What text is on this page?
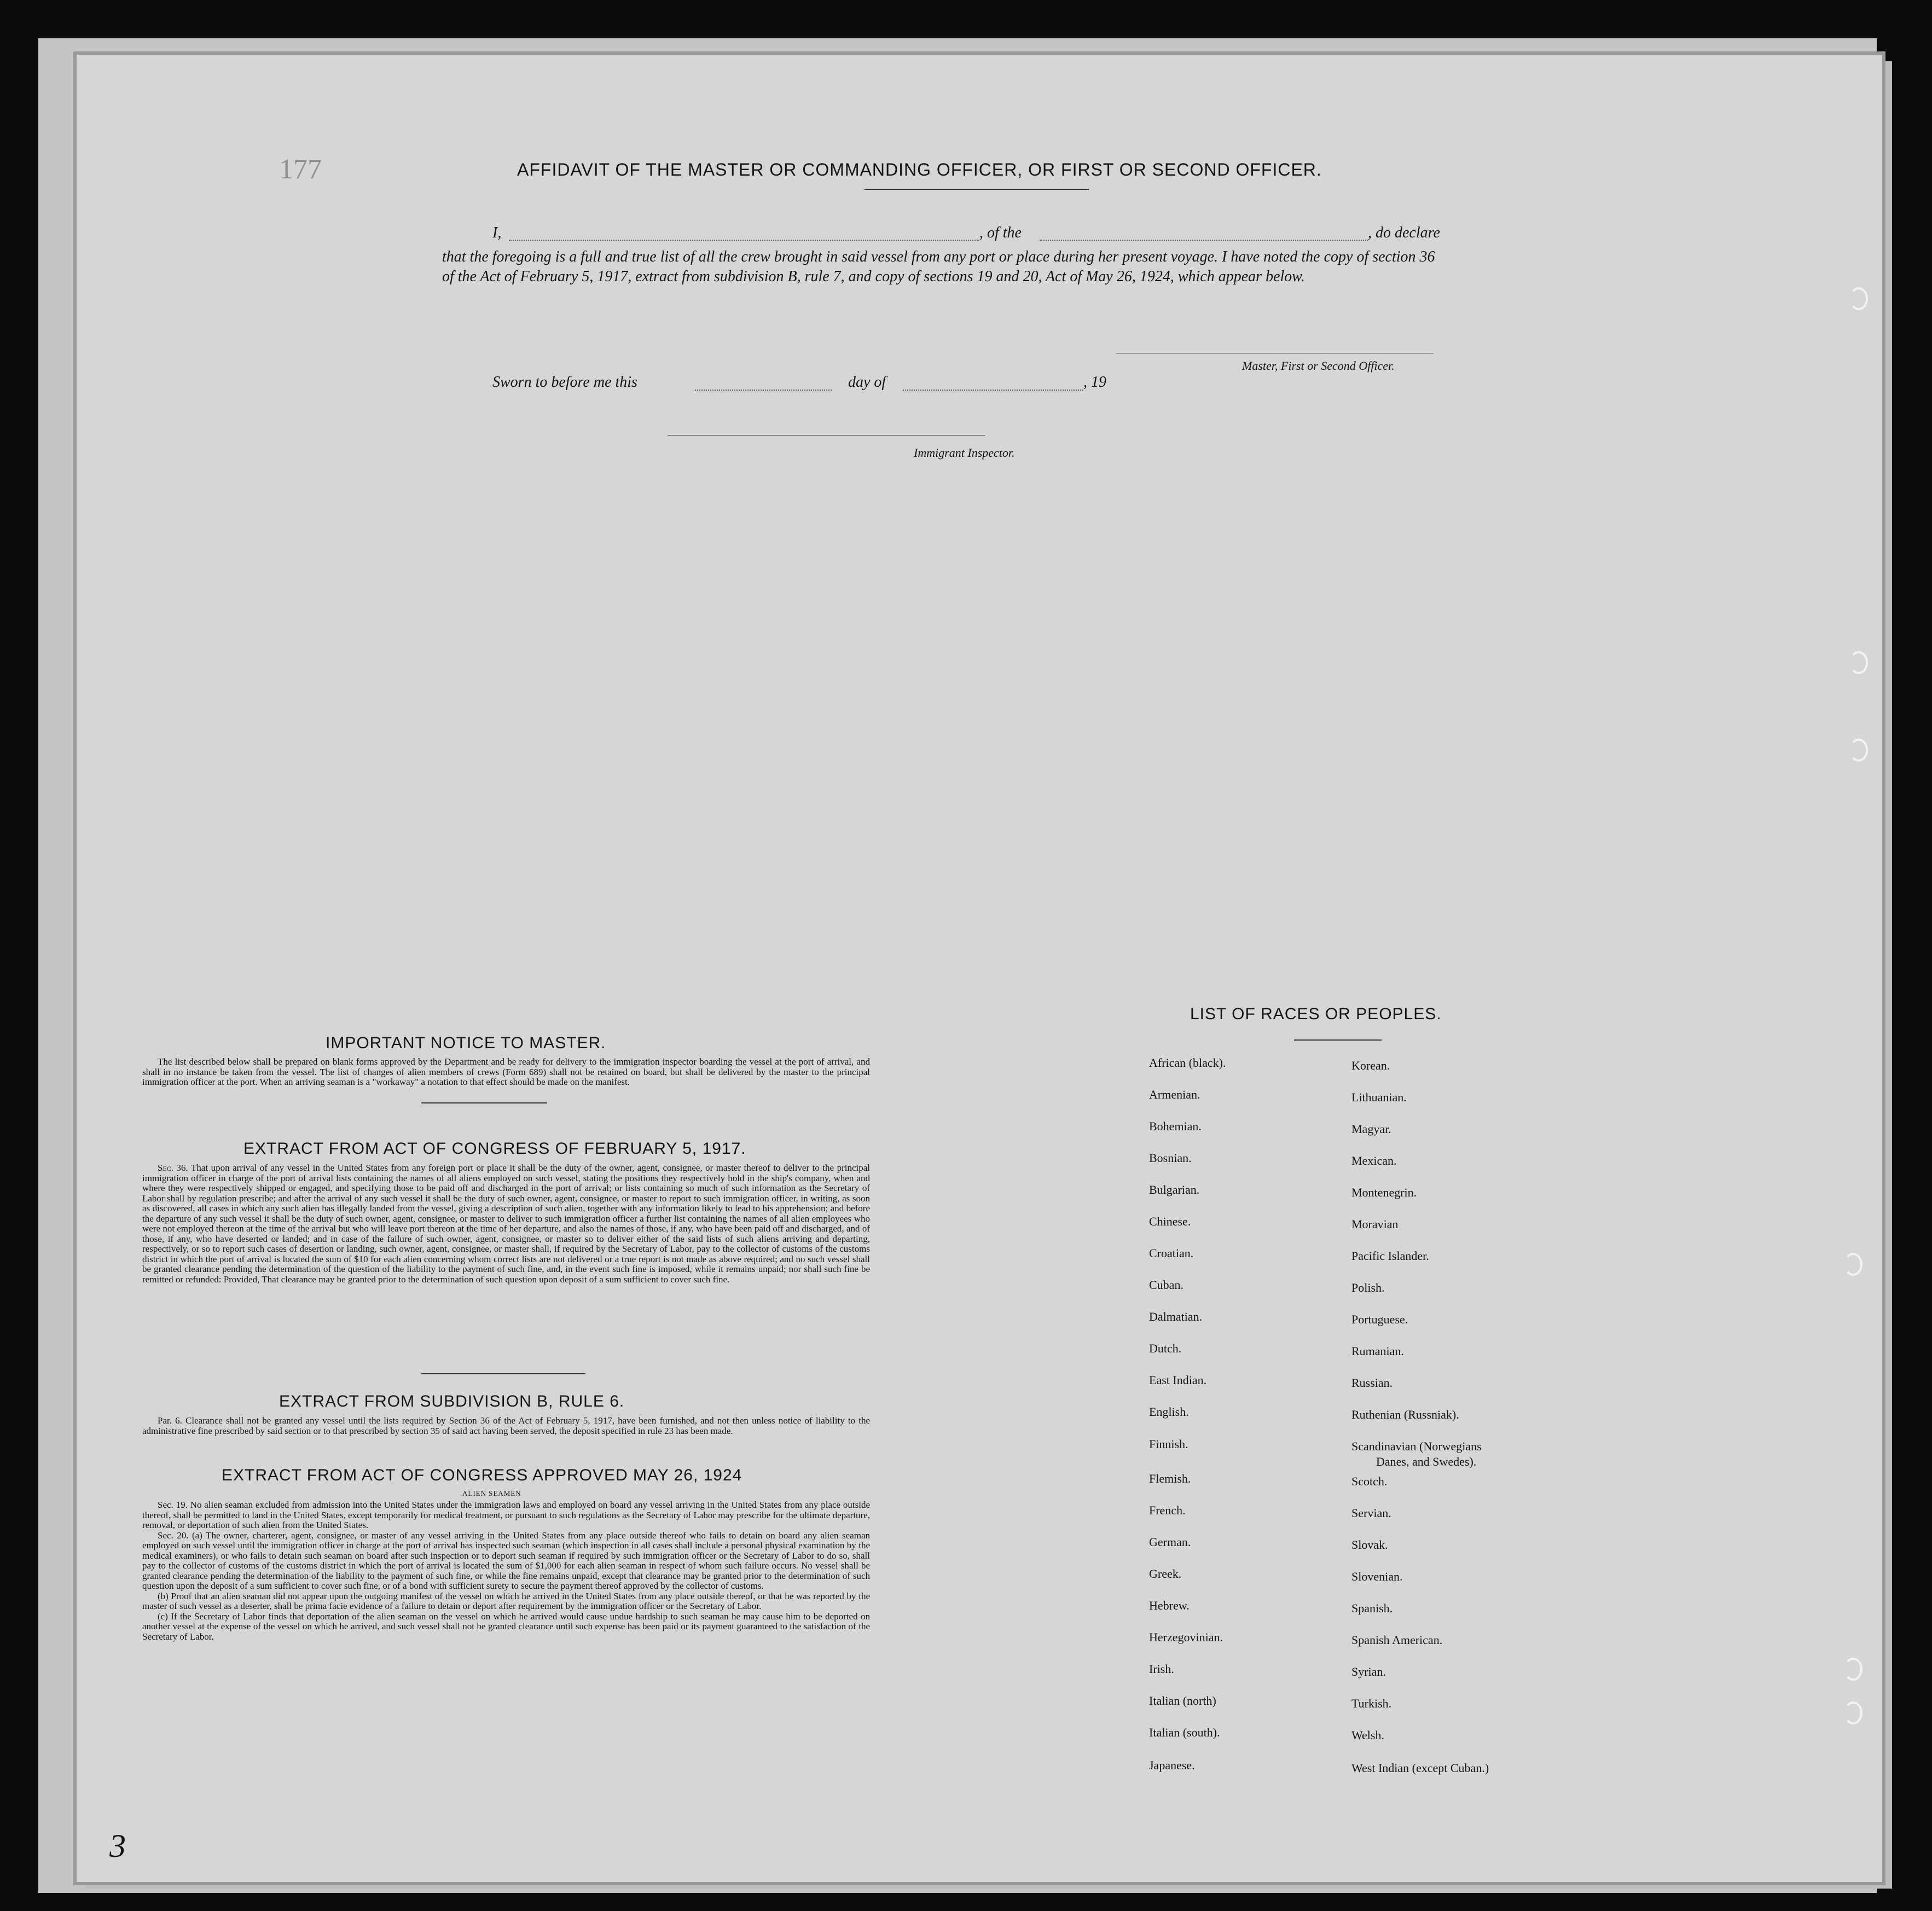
177
3
AFFIDAVIT OF THE MASTER OR COMMANDING OFFICER, OR FIRST OR SECOND OFFICER.
I,	, of the	, do declare
that the foregoing is a full and true list of all the crew brought in said vessel from any port or place during her present voyage. I have noted the copy of section 36 of the Act of February 5, 1917, extract from subdivision B, rule 7, and copy of sections 19 and 20, Act of May 26, 1924, which appear below.
Master, First or Second Officer.
Sworn to before me this	day of	, 19
Immigrant Inspector.
IMPORTANT NOTICE TO MASTER.
The list described below shall be prepared on blank forms approved by the Department and be ready for delivery to the immigration inspector boarding the vessel at the port of arrival, and shall in no instance be taken from the vessel. The list of changes of alien members of crews (Form 689) shall not be retained on board, but shall be delivered by the master to the principal immigration officer at the port. When an arriving seaman is a "workaway" a notation to that effect should be made on the manifest.
EXTRACT FROM ACT OF CONGRESS OF FEBRUARY 5, 1917.
Sec. 36. That upon arrival of any vessel in the United States from any foreign port or place it shall be the duty of the owner, agent, consignee, or master thereof to deliver to the principal immigration officer in charge of the port of arrival lists containing the names of all aliens employed on such vessel, stating the positions they respectively hold in the ship's company, when and where they were respectively shipped or engaged, and specifying those to be paid off and discharged in the port of arrival; or lists containing so much of such information as the Secretary of Labor shall by regulation prescribe; and after the arrival of any such vessel it shall be the duty of such owner, agent, consignee, or master to report to such immigration officer, in writing, as soon as discovered, all cases in which any such alien has illegally landed from the vessel, giving a description of such alien, together with any information likely to lead to his apprehension; and before the departure of any such vessel it shall be the duty of such owner, agent, consignee, or master to deliver to such immigration officer a further list containing the names of all alien employees who were not employed thereon at the time of the arrival but who will leave port thereon at the time of her departure, and also the names of those, if any, who have been paid off and discharged, and of those, if any, who have deserted or landed; and in case of the failure of such owner, agent, consignee, or master so to deliver either of the said lists of such aliens arriving and departing, respectively, or so to report such cases of desertion or landing, such owner, agent, consignee, or master shall, if required by the Secretary of Labor, pay to the collector of customs of the customs district in which the port of arrival is located the sum of $10 for each alien concerning whom correct lists are not delivered or a true report is not made as above required; and no such vessel shall be granted clearance pending the determination of the question of the liability to the payment of such fine, and, in the event such fine is imposed, while it remains unpaid; nor shall such fine be remitted or refunded: Provided, That clearance may be granted prior to the determination of such question upon deposit of a sum sufficient to cover such fine.
EXTRACT FROM SUBDIVISION B, RULE 6.
Par. 6. Clearance shall not be granted any vessel until the lists required by Section 36 of the Act of February 5, 1917, have been furnished, and not then unless notice of liability to the administrative fine prescribed by said section or to that prescribed by section 35 of said act having been served, the deposit specified in rule 23 has been made.
EXTRACT FROM ACT OF CONGRESS APPROVED MAY 26, 1924
ALIEN SEAMEN
Sec. 19. No alien seaman excluded from admission into the United States under the immigration laws and employed on board any vessel arriving in the United States from any place outside thereof, shall be permitted to land in the United States, except temporarily for medical treatment, or pursuant to such regulations as the Secretary of Labor may prescribe for the ultimate departure, removal, or deportation of such alien from the United States.
Sec. 20. (a) The owner, charterer, agent, consignee, or master of any vessel arriving in the United States from any place outside thereof who fails to detain on board any alien seaman employed on such vessel until the immigration officer in charge at the port of arrival has inspected such seaman (which inspection in all cases shall include a personal physical examination by the medical examiners), or who fails to detain such seaman on board after such inspection or to deport such seaman if required by such immigration officer or the Secretary of Labor to do so, shall pay to the collector of customs of the customs district in which the port of arrival is located the sum of $1,000 for each alien seaman in respect of whom such failure occurs. No vessel shall be granted clearance pending the determination of the liability to the payment of such fine, or while the fine remains unpaid, except that clearance may be granted prior to the determination of such question upon the deposit of a sum sufficient to cover such fine, or of a bond with sufficient surety to secure the payment thereof approved by the collector of customs.
(b) Proof that an alien seaman did not appear upon the outgoing manifest of the vessel on which he arrived in the United States from any place outside thereof, or that he was reported by the master of such vessel as a deserter, shall be prima facie evidence of a failure to detain or deport after requirement by the immigration officer or the Secretary of Labor.
(c) If the Secretary of Labor finds that deportation of the alien seaman on the vessel on which he arrived would cause undue hardship to such seaman he may cause him to be deported on another vessel at the expense of the vessel on which he arrived, and such vessel shall not be granted clearance until such expense has been paid or its payment guaranteed to the satisfaction of the Secretary of Labor.
LIST OF RACES OR PEOPLES.
African (black).
Armenian.
Bohemian.
Bosnian.
Bulgarian.
Chinese.
Croatian.
Cuban.
Dalmatian.
Dutch.
East Indian.
English.
Finnish.
Flemish.
French.
German.
Greek.
Hebrew.
Herzegovinian.
Irish.
Italian (north)
Italian (south).
Japanese.
Korean.
Lithuanian.
Magyar.
Mexican.
Montenegrin.
Moravian
Pacific Islander.
Polish.
Portuguese.
Rumanian.
Russian.
Ruthenian (Russniak).
Scandinavian (Norwegians
Danes, and Swedes).
Scotch.
Servian.
Slovak.
Slovenian.
Spanish.
Spanish American.
Syrian.
Turkish.
Welsh.
West Indian (except Cuban.)
